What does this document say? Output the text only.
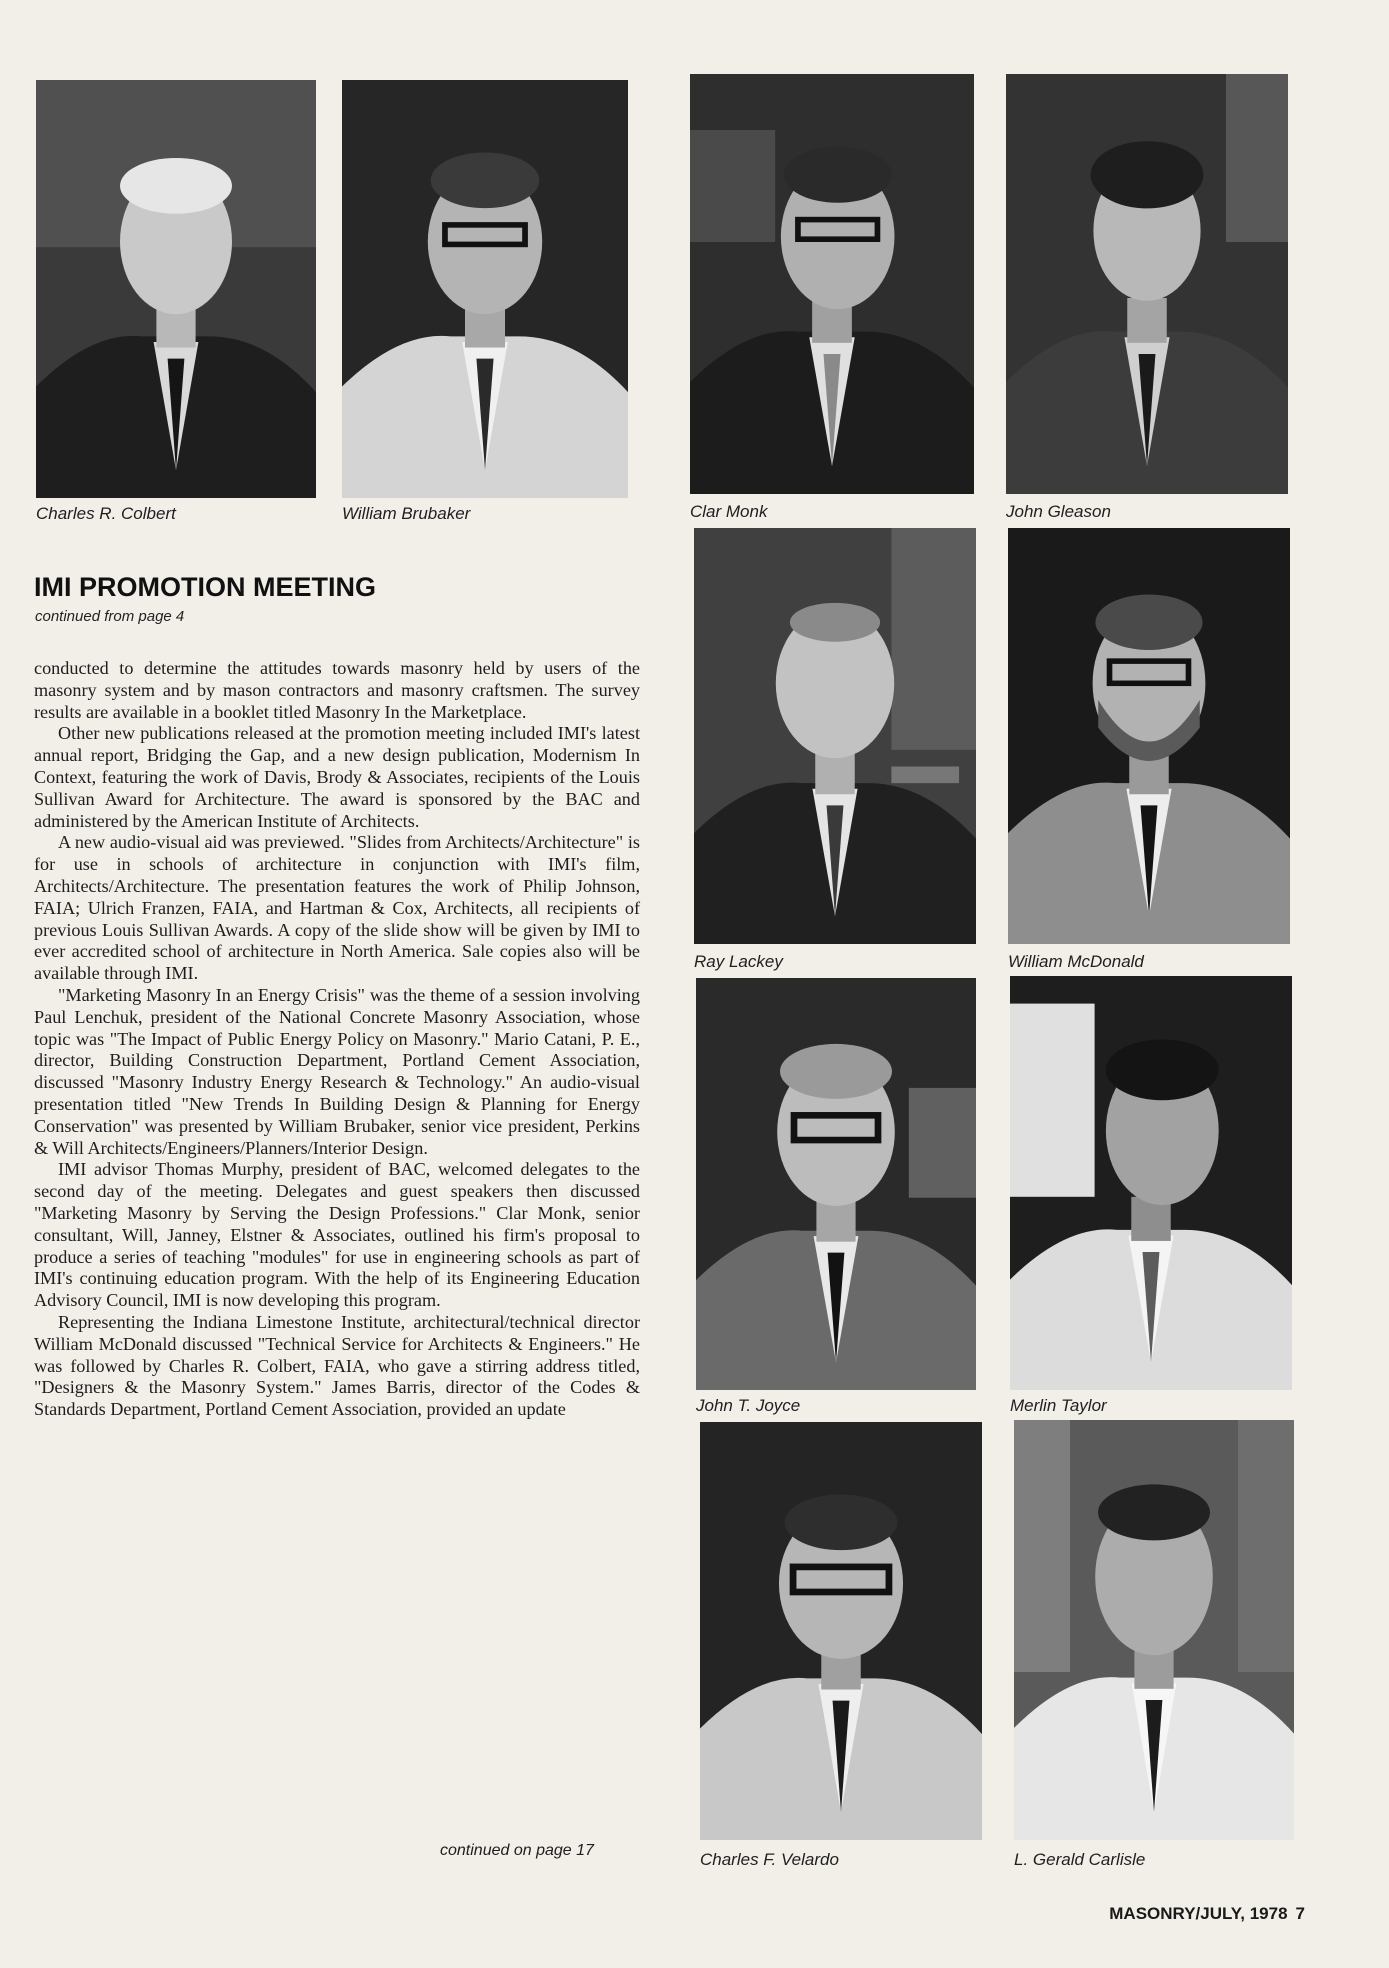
Charles R. Colbert	William Brubaker	Clar Monk	John Gleason
Ray Lackey	William McDonald
John T. Joyce	Merlin Taylor
Charles F. Velardo	L. Gerald Carlisle
IMI PROMOTION MEETING
continued from page 4

conducted to determine the attitudes towards masonry held by users of the masonry system and by mason contractors and masonry craftsmen. The survey results are available in a booklet titled Masonry In the Marketplace.

Other new publications released at the promotion meeting included IMI's latest annual report, Bridging the Gap, and a new design publication, Modernism In Context, featuring the work of Davis, Brody & Associates, recipients of the Louis Sullivan Award for Architecture. The award is sponsored by the BAC and administered by the American Institute of Architects.

A new audio-visual aid was previewed. "Slides from Architects/Architecture" is for use in schools of architecture in conjunction with IMI's film, Architects/Architecture. The presentation features the work of Philip Johnson, FAIA; Ulrich Franzen, FAIA, and Hartman & Cox, Architects, all recipients of previous Louis Sullivan Awards. A copy of the slide show will be given by IMI to ever accredited school of architecture in North America. Sale copies also will be available through IMI.

"Marketing Masonry In an Energy Crisis" was the theme of a session involving Paul Lenchuk, president of the National Concrete Masonry Association, whose topic was "The Impact of Public Energy Policy on Masonry." Mario Catani, P. E., director, Building Construction Department, Portland Cement Association, discussed "Masonry Industry Energy Research & Technology." An audio-visual presentation titled "New Trends In Building Design & Planning for Energy Conservation" was presented by William Brubaker, senior vice president, Perkins & Will Architects/Engineers/Planners/Interior Design.

IMI advisor Thomas Murphy, president of BAC, welcomed delegates to the second day of the meeting. Delegates and guest speakers then discussed "Marketing Masonry by Serving the Design Professions." Clar Monk, senior consultant, Will, Janney, Elstner & Associates, outlined his firm's proposal to produce a series of teaching "modules" for use in engineering schools as part of IMI's continuing education program. With the help of its Engineering Education Advisory Council, IMI is now developing this program.

Representing the Indiana Limestone Institute, architectural/technical director William McDonald discussed "Technical Service for Architects & Engineers." He was followed by Charles R. Colbert, FAIA, who gave a stirring address titled, "Designers & the Masonry System." James Barris, director of the Codes & Standards Department, Portland Cement Association, provided an update

continued on page 17
MASONRY/JULY, 1978 7
